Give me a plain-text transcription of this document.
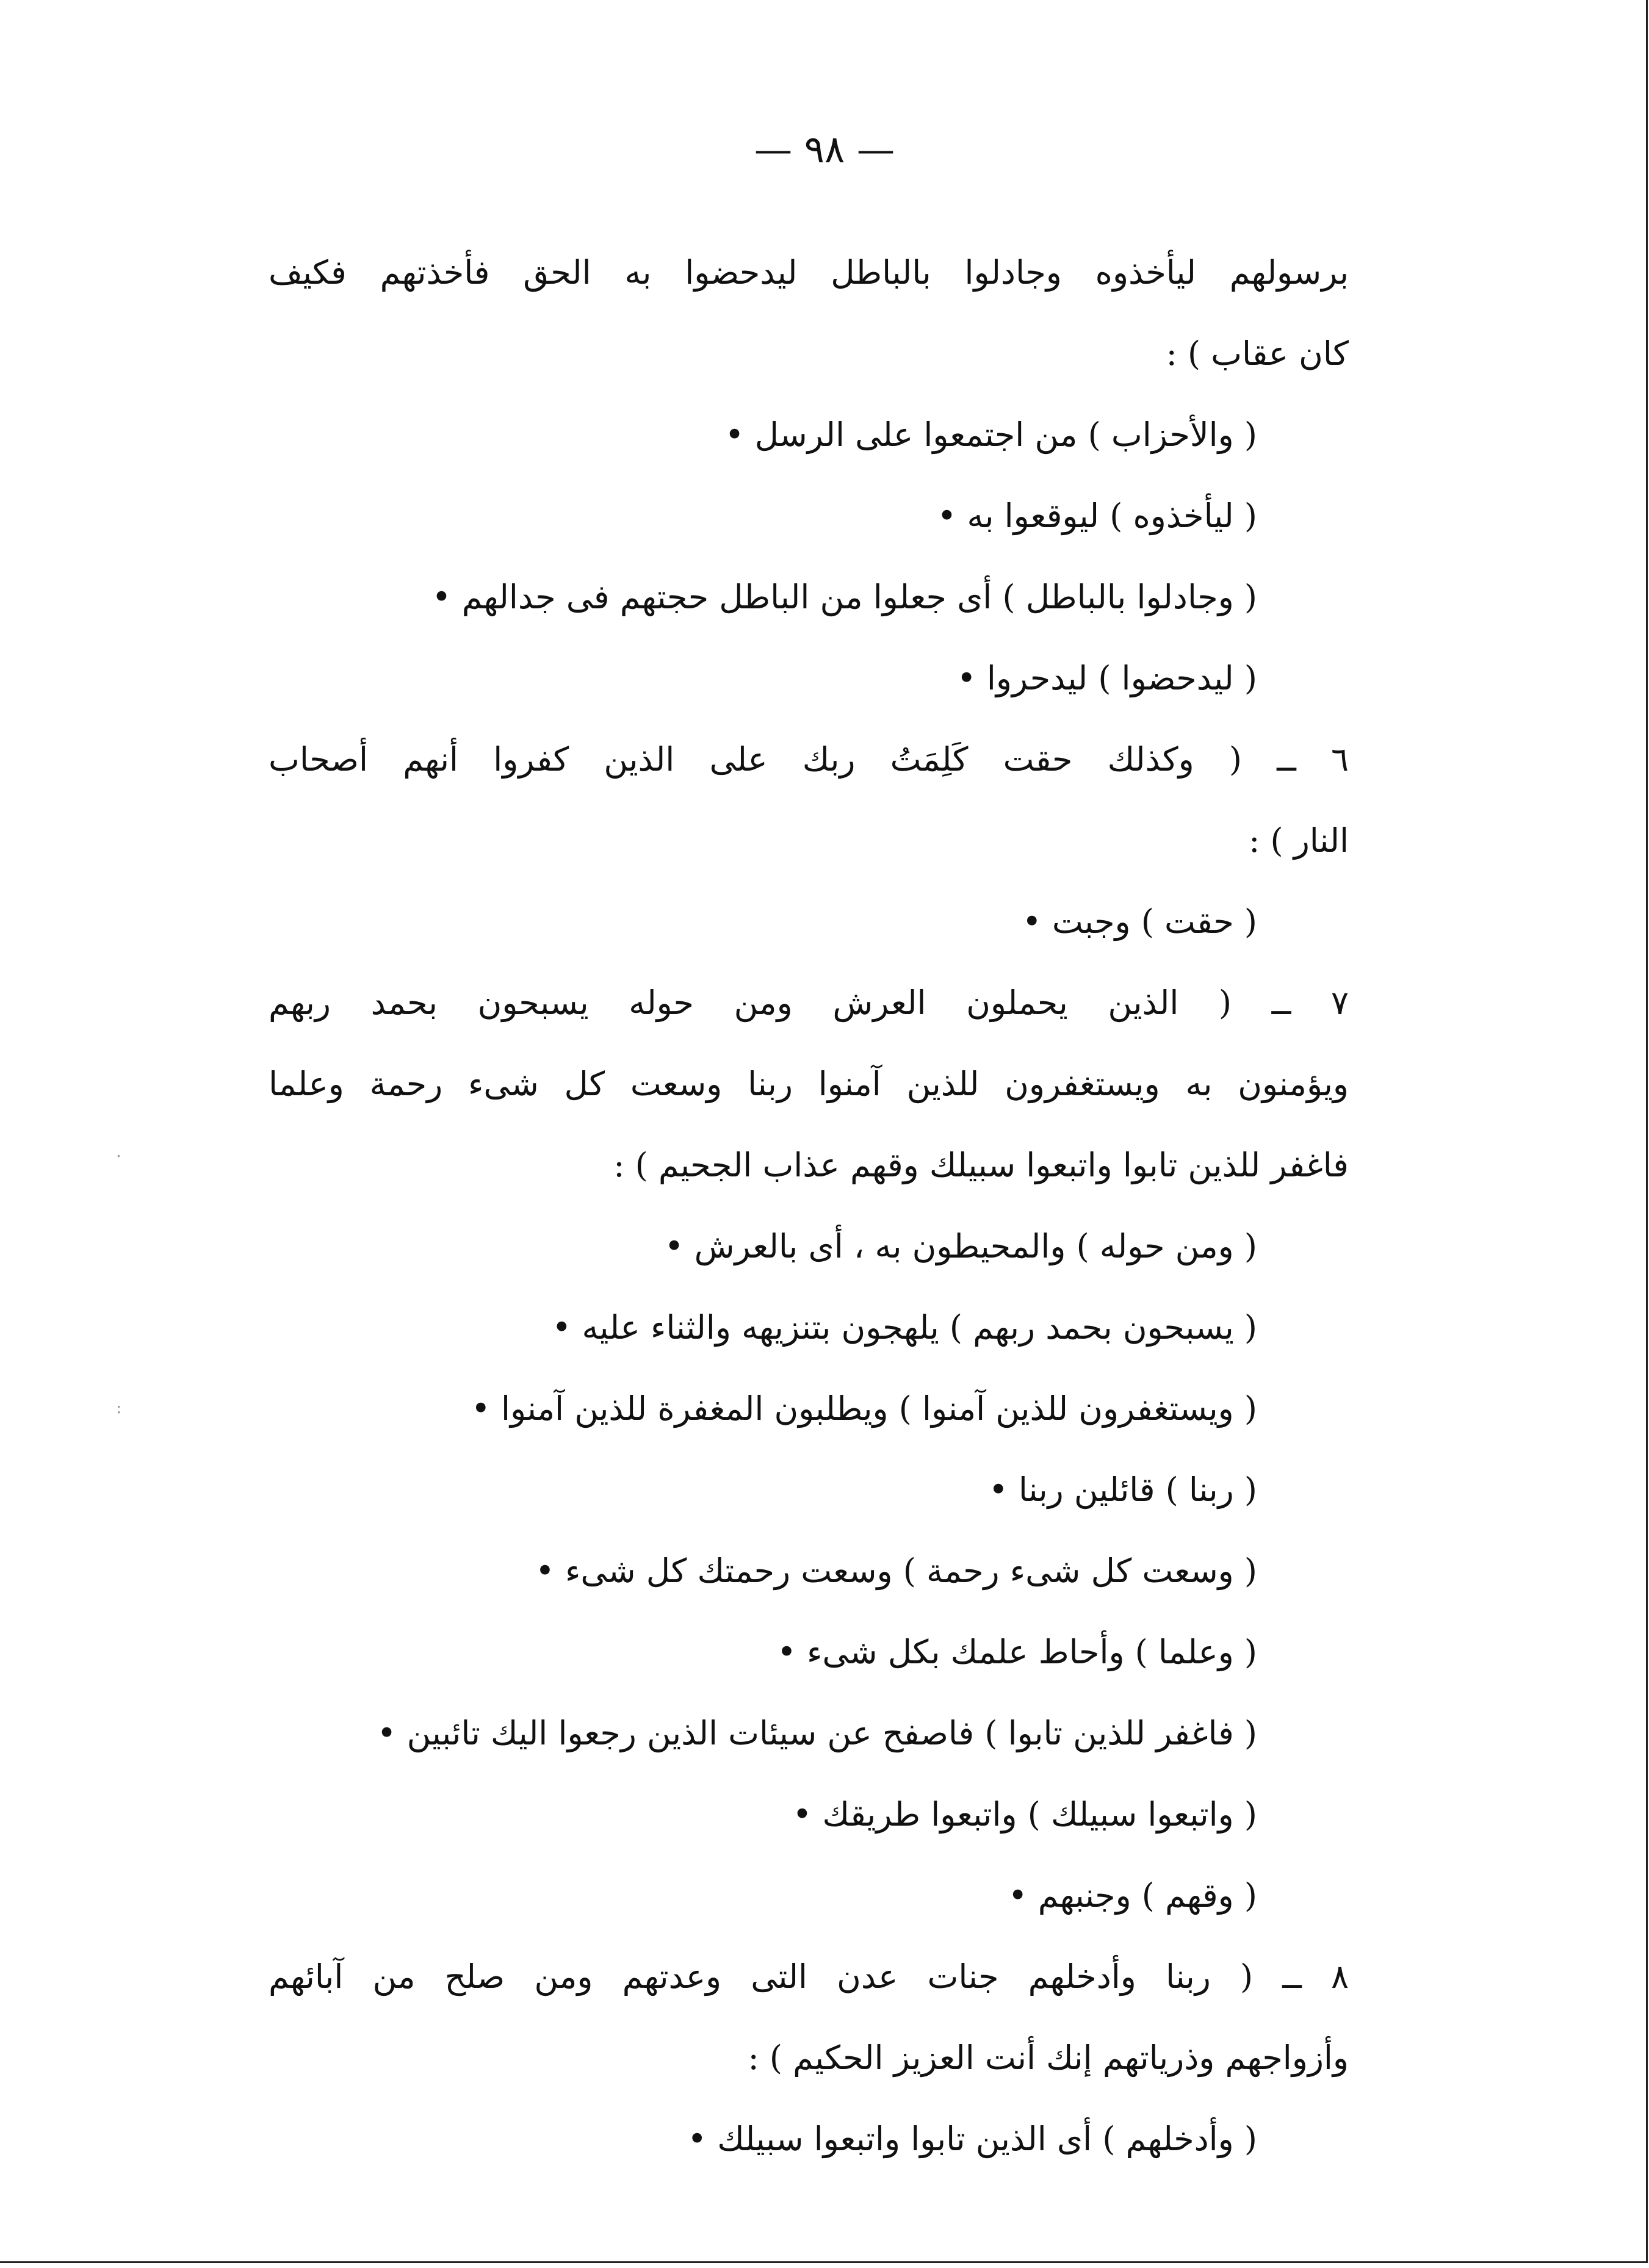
— ٩٨ —
برسولهم ليأخذوه وجادلوا بالباطل ليدحضوا به الحق فأخذتهم فكيف
كان عقاب ) :
( والأحزاب ) من اجتمعوا على الرسل •
( ليأخذوه ) ليوقعوا به •
( وجادلوا بالباطل ) أى جعلوا من الباطل حجتهم فى جدالهم •
( ليدحضوا ) ليدحروا •
٦ ــ ( وكذلك حقت كَلِمَتُ ربك على الذين كفروا أنهم أصحاب
النار ) :
( حقت ) وجبت •
٧ ــ ( الذين يحملون العرش ومن حوله يسبحون بحمد ربهم
ويؤمنون به ويستغفرون للذين آمنوا ربنا وسعت كل شىء رحمة وعلما
فاغفر للذين تابوا واتبعوا سبيلك وقهم عذاب الجحيم ) :
( ومن حوله ) والمحيطون به ، أى بالعرش •
( يسبحون بحمد ربهم ) يلهجون بتنزيهه والثناء عليه •
( ويستغفرون للذين آمنوا ) ويطلبون المغفرة للذين آمنوا •
( ربنا ) قائلين ربنا •
( وسعت كل شىء رحمة ) وسعت رحمتك كل شىء •
( وعلما ) وأحاط علمك بكل شىء •
( فاغفر للذين تابوا ) فاصفح عن سيئات الذين رجعوا اليك تائبين •
( واتبعوا سبيلك ) واتبعوا طريقك •
( وقهم ) وجنبهم •
٨ ــ ( ربنا وأدخلهم جنات عدن التى وعدتهم ومن صلح من آبائهم
وأزواجهم وذرياتهم إنك أنت العزيز الحكيم ) :
( وأدخلهم ) أى الذين تابوا واتبعوا سبيلك •
.
:
